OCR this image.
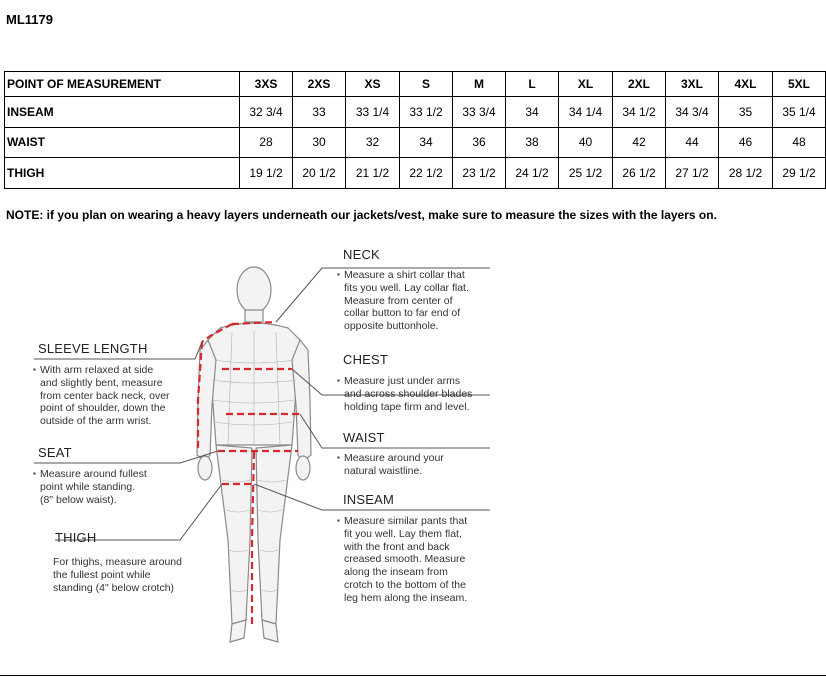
ML1179
POINT OF MEASUREMENT	3XS	2XS	XS	S	M	L	XL	2XL	3XL	4XL	5XL
INSEAM	32 3/4	33	33 1/4	33 1/2	33 3/4	34	34 1/4	34 1/2	34 3/4	35	35 1/4
WAIST	28	30	32	34	36	38	40	42	44	46	48
THIGH	19 1/2	20 1/2	21 1/2	22 1/2	23 1/2	24 1/2	25 1/2	26 1/2	27 1/2	28 1/2	29 1/2
NOTE: if you plan on wearing a heavy layers underneath our jackets/vest, make sure to measure the sizes with the layers on.
NECK
▪ Measure a shirt collar that
fits you well. Lay collar flat.
Measure from center of
collar button to far end of
opposite buttonhole.
CHEST
▪ Measure just under arms
and across shoulder blades
holding tape firm and level.
WAIST
▪ Measure around your
natural waistline.
INSEAM
▪ Measure similar pants that
fit you well. Lay them flat,
with the front and back
creased smooth. Measure
along the inseam from
crotch to the bottom of the
leg hem along the inseam.
SLEEVE LENGTH
▪ With arm relaxed at side
and slightly bent, measure
from center back neck, over
point of shoulder, down the
outside of the arm wrist.
SEAT
▪ Measure around fullest
point while standing.
(8" below waist).
THIGH
For thighs, measure around
the fullest point while
standing (4" below crotch)
